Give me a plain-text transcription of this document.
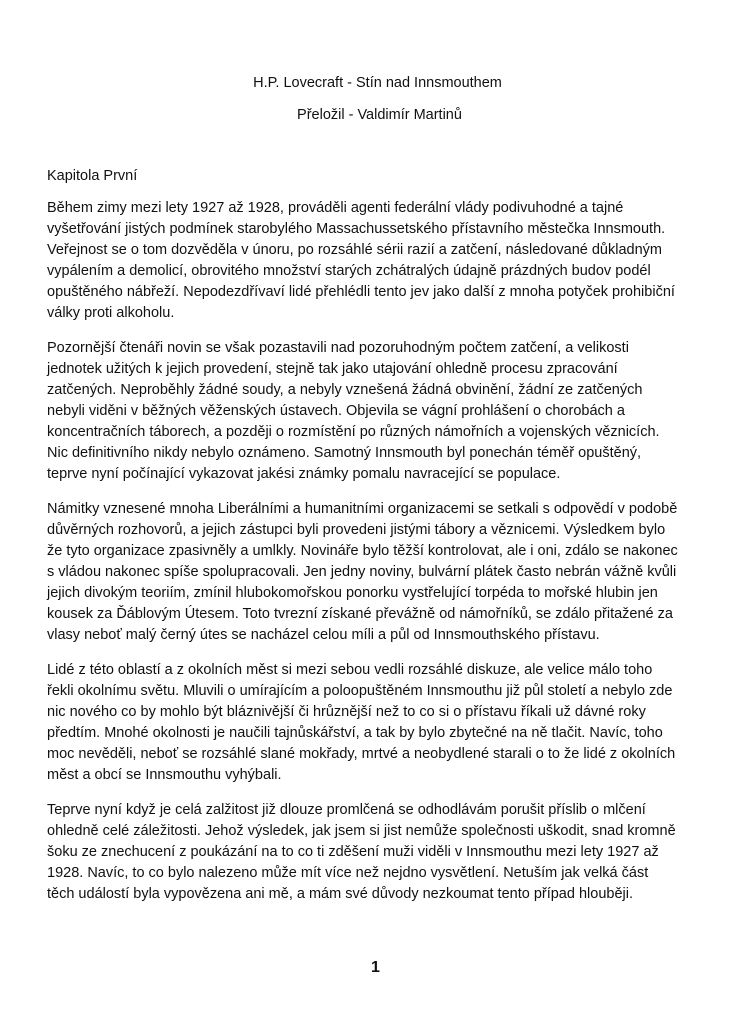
H.P. Lovecraft - Stín nad Innsmouthem

Přeložil - Valdimír Martinů

Kapitola První

Během zimy mezi lety 1927 až 1928, prováděli agenti federální vlády podivuhodné a tajné vyšetřování jistých podmínek starobylého Massachussetského přístavního městečka Innsmouth. Veřejnost se o tom dozvěděla v únoru, po rozsáhlé sérii razií a zatčení, následované důkladným vypálením a demolicí, obrovitého množství starých zchátralých údajně prázdných budov podél opuštěného nábřeží. Nepodezdřívaví lidé přehlédli tento jev jako další z mnoha potyček prohibiční války proti alkoholu.

Pozornější čtenáři novin se však pozastavili nad pozoruhodným počtem zatčení, a velikosti jednotek užitých k jejich provedení, stejně tak jako utajování ohledně procesu zpracování zatčených. Neproběhly žádné soudy, a nebyly vznešená žádná obvinění, žádní ze zatčených nebyli viděni v běžných věženských ústavech. Objevila se vágní prohlášení o chorobách a koncentračních táborech, a později o rozmístění po různých námořních a vojenských věznicích. Nic definitivního nikdy nebylo oznámeno. Samotný Innsmouth byl ponechán téměř opuštěný, teprve nyní počínající vykazovat jakési známky pomalu navracející se populace.

Námitky vznesené mnoha Liberálními a humanitními organizacemi se setkali s odpovědí v podobě důvěrných rozhovorů, a jejich zástupci byli provedeni jistými tábory a věznicemi. Výsledkem bylo že tyto organizace zpasivněly a umlkly. Novináře bylo těžší kontrolovat, ale i oni, zdálo se nakonec s vládou nakonec spíše spolupracovali. Jen jedny noviny, bulvární plátek často nebrán vážně kvůli jejich divokým teoriím, zmínil hlubokomořskou ponorku vystřelující torpéda to mořské hlubin jen kousek za Ďáblovým Útesem. Toto tvrezní získané převážně od námořníků, se zdálo přitažené za vlasy neboť malý černý útes se nacházel celou míli a půl od Innsmouthského přístavu.

Lidé z této oblastí a z okolních měst si mezi sebou vedli rozsáhlé diskuze, ale velice málo toho řekli okolnímu světu. Mluvili o umírajícím a poloopuštěném Innsmouthu již půl století a nebylo zde nic nového co by mohlo být bláznivější či hrůznější než to co si o přístavu říkali už dávné roky předtím. Mnohé okolnosti je naučili tajnůskářství, a tak by bylo zbytečné na ně tlačit. Navíc, toho moc nevěděli, neboť se rozsáhlé slané mokřady, mrtvé a neobydlené starali o to že lidé z okolních měst a obcí se Innsmouthu vyhýbali.

Teprve nyní když je celá zalžitost již dlouze promlčená se odhodlávám porušit příslib o mlčení ohledně celé záležitosti. Jehož výsledek, jak jsem si jist nemůže společnosti uškodit, snad kromně šoku ze znechucení z poukázání na to co ti zděšení muži viděli v Innsmouthu mezi lety 1927 až 1928. Navíc, to co bylo nalezeno může mít více než nejdno vysvětlení. Netuším jak velká část těch událostí byla vypovězena ani mě, a mám své důvody nezkoumat tento případ hlouběji.

1
